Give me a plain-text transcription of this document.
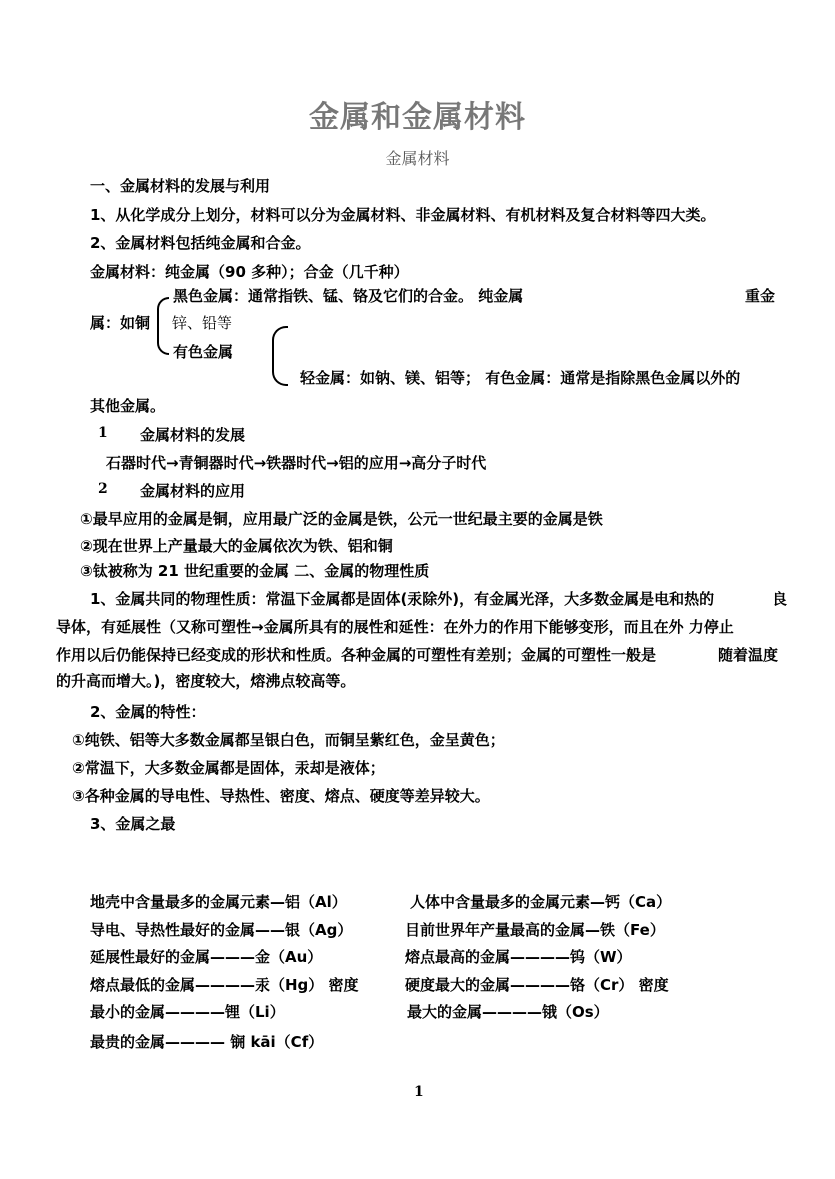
金属和金属材料
金属材料
一、金属材料的发展与利用
1、从化学成分上划分，材料可以分为金属材料、非金属材料、有机材料及复合材料等四大类。
2、金属材料包括纯金属和合金。
金属材料：纯金属（90 多种）；合金（几千种）
黑色金属：通常指铁、锰、铬及它们的合金。 纯金属	重金
属：如铜 锌、铅等
有色金属
轻金属：如钠、镁、铝等； 有色金属：通常是指除黑色金属以外的
其他金属。
1 金属材料的发展
石器时代→青铜器时代→铁器时代→铝的应用→高分子时代
2 金属材料的应用
①最早应用的金属是铜，应用最广泛的金属是铁，公元一世纪最主要的金属是铁
②现在世界上产量最大的金属依次为铁、铝和铜
③钛被称为 21 世纪重要的金属 二、金属的物理性质
1、金属共同的物理性质：常温下金属都是固体(汞除外)，有金属光泽，大多数金属是电和热的	良
导体，有延展性（又称可塑性→金属所具有的展性和延性：在外力的作用下能够变形，而且在外 力停止
作用以后仍能保持已经变成的形状和性质。各种金属的可塑性有差别；金属的可塑性一般是	随着温度
的升高而增大。)，密度较大，熔沸点较高等。
2、金属的特性：
①纯铁、铝等大多数金属都呈银白色，而铜呈紫红色，金呈黄色；
②常温下，大多数金属都是固体，汞却是液体；
③各种金属的导电性、导热性、密度、熔点、硬度等差异较大。
3、金属之最
地壳中含量最多的金属元素—铝（Al）	人体中含量最多的金属元素—钙（Ca）
导电、导热性最好的金属——银（Ag）	目前世界年产量最高的金属—铁（Fe）
延展性最好的金属———金（Au）	熔点最高的金属————钨（W）
熔点最低的金属————汞（Hg） 密度	硬度最大的金属————铬（Cr） 密度
最小的金属————锂（Li）	最大的金属————锇（Os）
最贵的金属———— 锎 kāi（Cf）
1
